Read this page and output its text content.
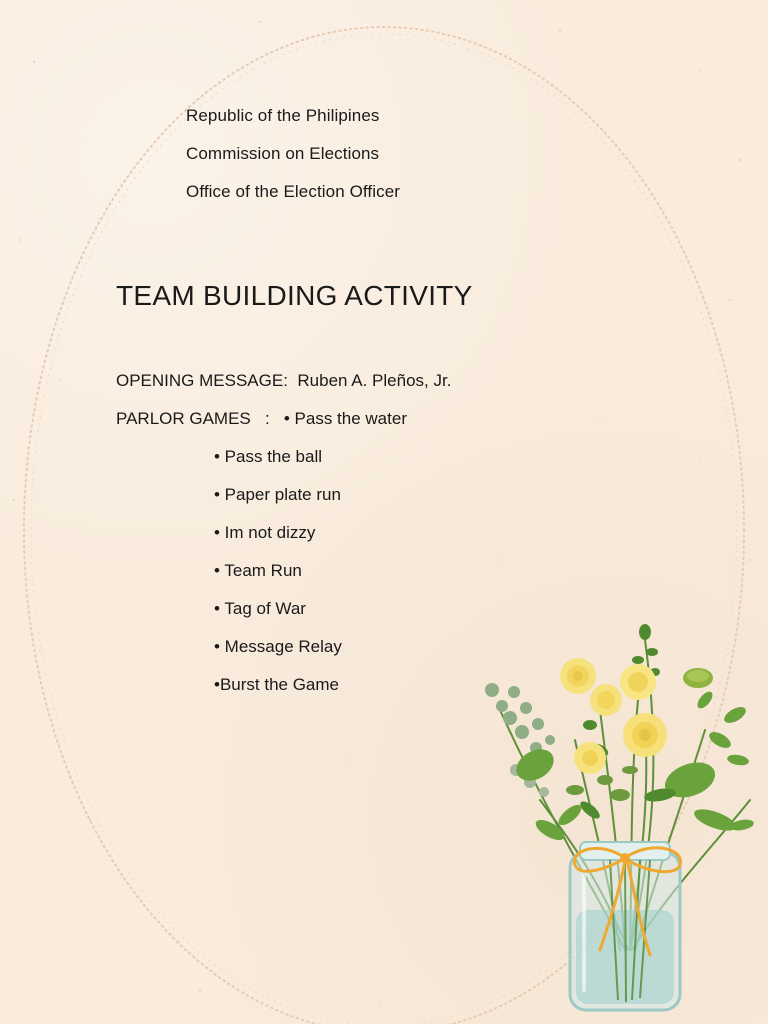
Republic of the Philipines
Commission on Elections
Office of the Election Officer
TEAM BUILDING ACTIVITY
OPENING MESSAGE: Ruben A. Pleños, Jr.
PARLOR GAMES : • Pass the water
• Pass the ball
• Paper plate run
• Im not dizzy
• Team Run
• Tag of War
• Message Relay
•Burst the Game
